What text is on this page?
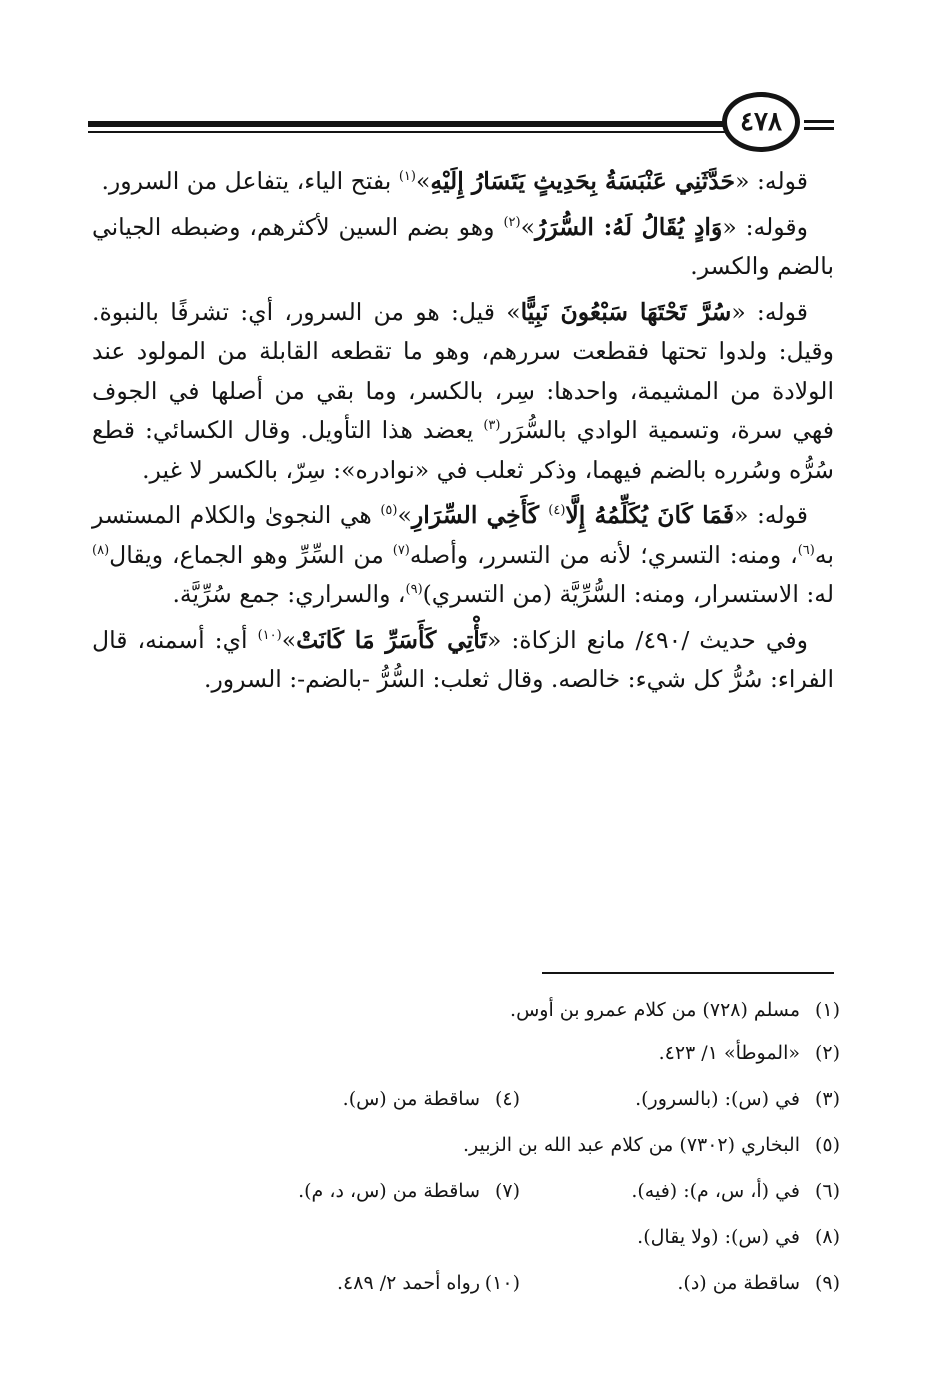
٤٧٨

قوله: «حَدَّثَنِي عَنْبَسَةُ بِحَدِيثٍ يَتَسَارُ إِلَيْهِ»$^{(١)}$ بفتح الياء، يتفاعل من السرور.

وقوله: «وَادٍ يُقَالُ لَهُ: السُّرَرُ»$^{(٢)}$ وهو بضم السين لأكثرهم، وضبطه الجياني بالضم والكسر.

قوله: «سُرَّ تَحْتَهَا سَبْعُونَ نَبِيًّا» قيل: هو من السرور، أي: تشرفًا بالنبوة. وقيل: ولدوا تحتها فقطعت سررهم، وهو ما تقطعه القابلة من المولود عند الولادة من المشيمة، واحدها: سِر، بالكسر، وما بقي من أصلها في الجوف فهي سرة، وتسمية الوادي بالسُّرَر$^{(٣)}$ يعضد هذا التأويل. وقال الكسائي: قطع سُرُّه وسُرره بالضم فيهما، وذكر ثعلب في «نوادره»: سِرّ، بالكسر لا غير.

قوله: «فَمَا كَانَ يُكَلِّمُهُ إِلَّا$^{(٤)}$ كَأَخِي السِّرَارِ»$^{(٥)}$ هي النجوىٰ والكلام المستسر به$^{(٦)}$، ومنه: التسري؛ لأنه من التسرر، وأصله$^{(٧)}$ من السِّرِّ وهو الجماع، ويقال$^{(٨)}$ له: الاستسرار، ومنه: السُّرِّيَّة (من التسري)$^{(٩)}$، والسراري: جمع سُرِّيَّة.

وفي حديث /٤٩٠/ مانع الزكاة: «تَأْتِي كَأَسَرِّ مَا كَانَتْ»$^{(١٠)}$ أي: أسمنه، قال الفراء: سُرُّ كل شيء: خالصه. وقال ثعلب: السُّرُّ -بالضم-: السرور.

(١)
مسلم (٧٢٨) من كلام عمرو بن أوس.
(٢)
«الموطأ» ١/ ٤٢٣.
(٣)
في (س): (بالسرور).
(٤)
ساقطة من (س).
(٥)
البخاري (٧٣٠٢) من كلام عبد الله بن الزبير.
(٦)
في (أ، س، م): (فيه).
(٧)
ساقطة من (س، د، م).
(٨)
في (س): (ولا يقال).
(٩)
ساقطة من (د).
(١٠)
رواه أحمد ٢/ ٤٨٩.
